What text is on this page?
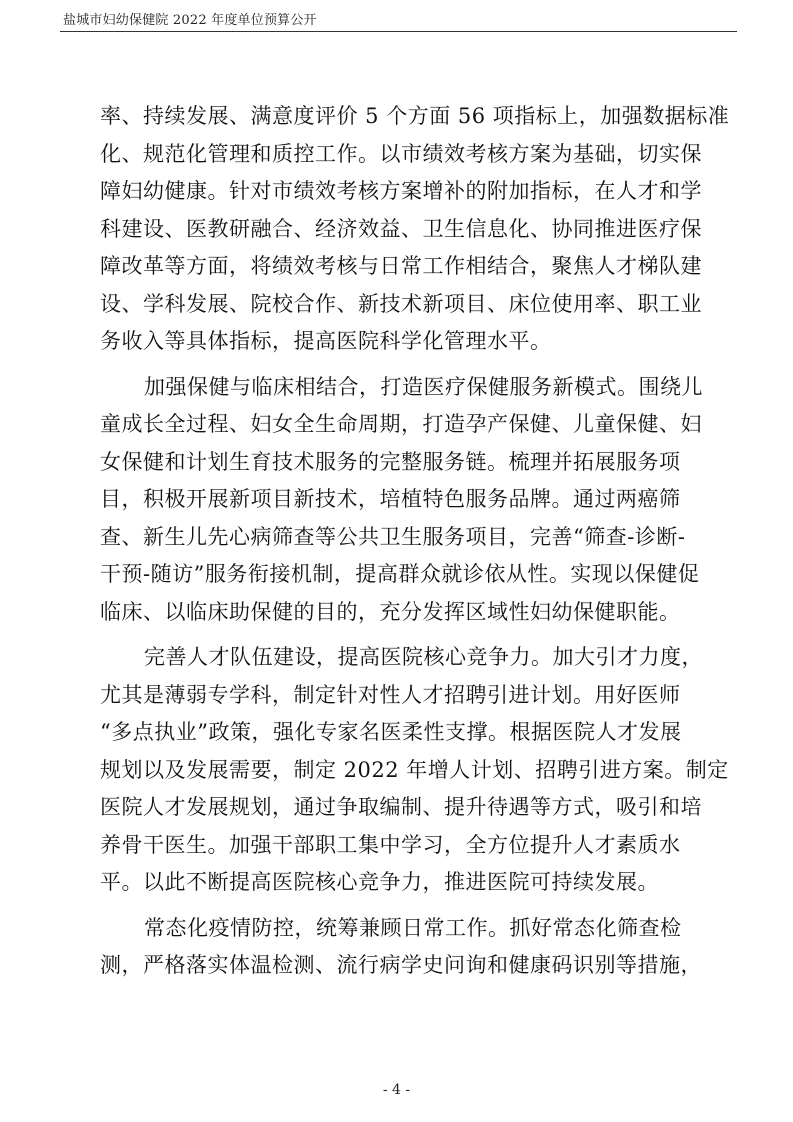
盐城市妇幼保健院 2022 年度单位预算公开
率、持续发展、满意度评价 5 个方面 56 项指标上，加强数据标准
化、规范化管理和质控工作。以市绩效考核方案为基础，切实保
障妇幼健康。针对市绩效考核方案增补的附加指标，在人才和学
科建设、医教研融合、经济效益、卫生信息化、协同推进医疗保
障改革等方面，将绩效考核与日常工作相结合，聚焦人才梯队建
设、学科发展、院校合作、新技术新项目、床位使用率、职工业
务收入等具体指标，提高医院科学化管理水平。
加强保健与临床相结合，打造医疗保健服务新模式。围绕儿
童成长全过程、妇女全生命周期，打造孕产保健、儿童保健、妇
女保健和计划生育技术服务的完整服务链。梳理并拓展服务项
目，积极开展新项目新技术，培植特色服务品牌。通过两癌筛
查、新生儿先心病筛查等公共卫生服务项目，完善“筛查-诊断-
干预-随访”服务衔接机制，提高群众就诊依从性。实现以保健促
临床、以临床助保健的目的，充分发挥区域性妇幼保健职能。
完善人才队伍建设，提高医院核心竞争力。加大引才力度，
尤其是薄弱专学科，制定针对性人才招聘引进计划。用好医师
“多点执业”政策，强化专家名医柔性支撑。根据医院人才发展
规划以及发展需要，制定 2022 年增人计划、招聘引进方案。制定
医院人才发展规划，通过争取编制、提升待遇等方式，吸引和培
养骨干医生。加强干部职工集中学习，全方位提升人才素质水
平。以此不断提高医院核心竞争力，推进医院可持续发展。
常态化疫情防控，统筹兼顾日常工作。抓好常态化筛查检
测，严格落实体温检测、流行病学史问询和健康码识别等措施，
- 4 -
